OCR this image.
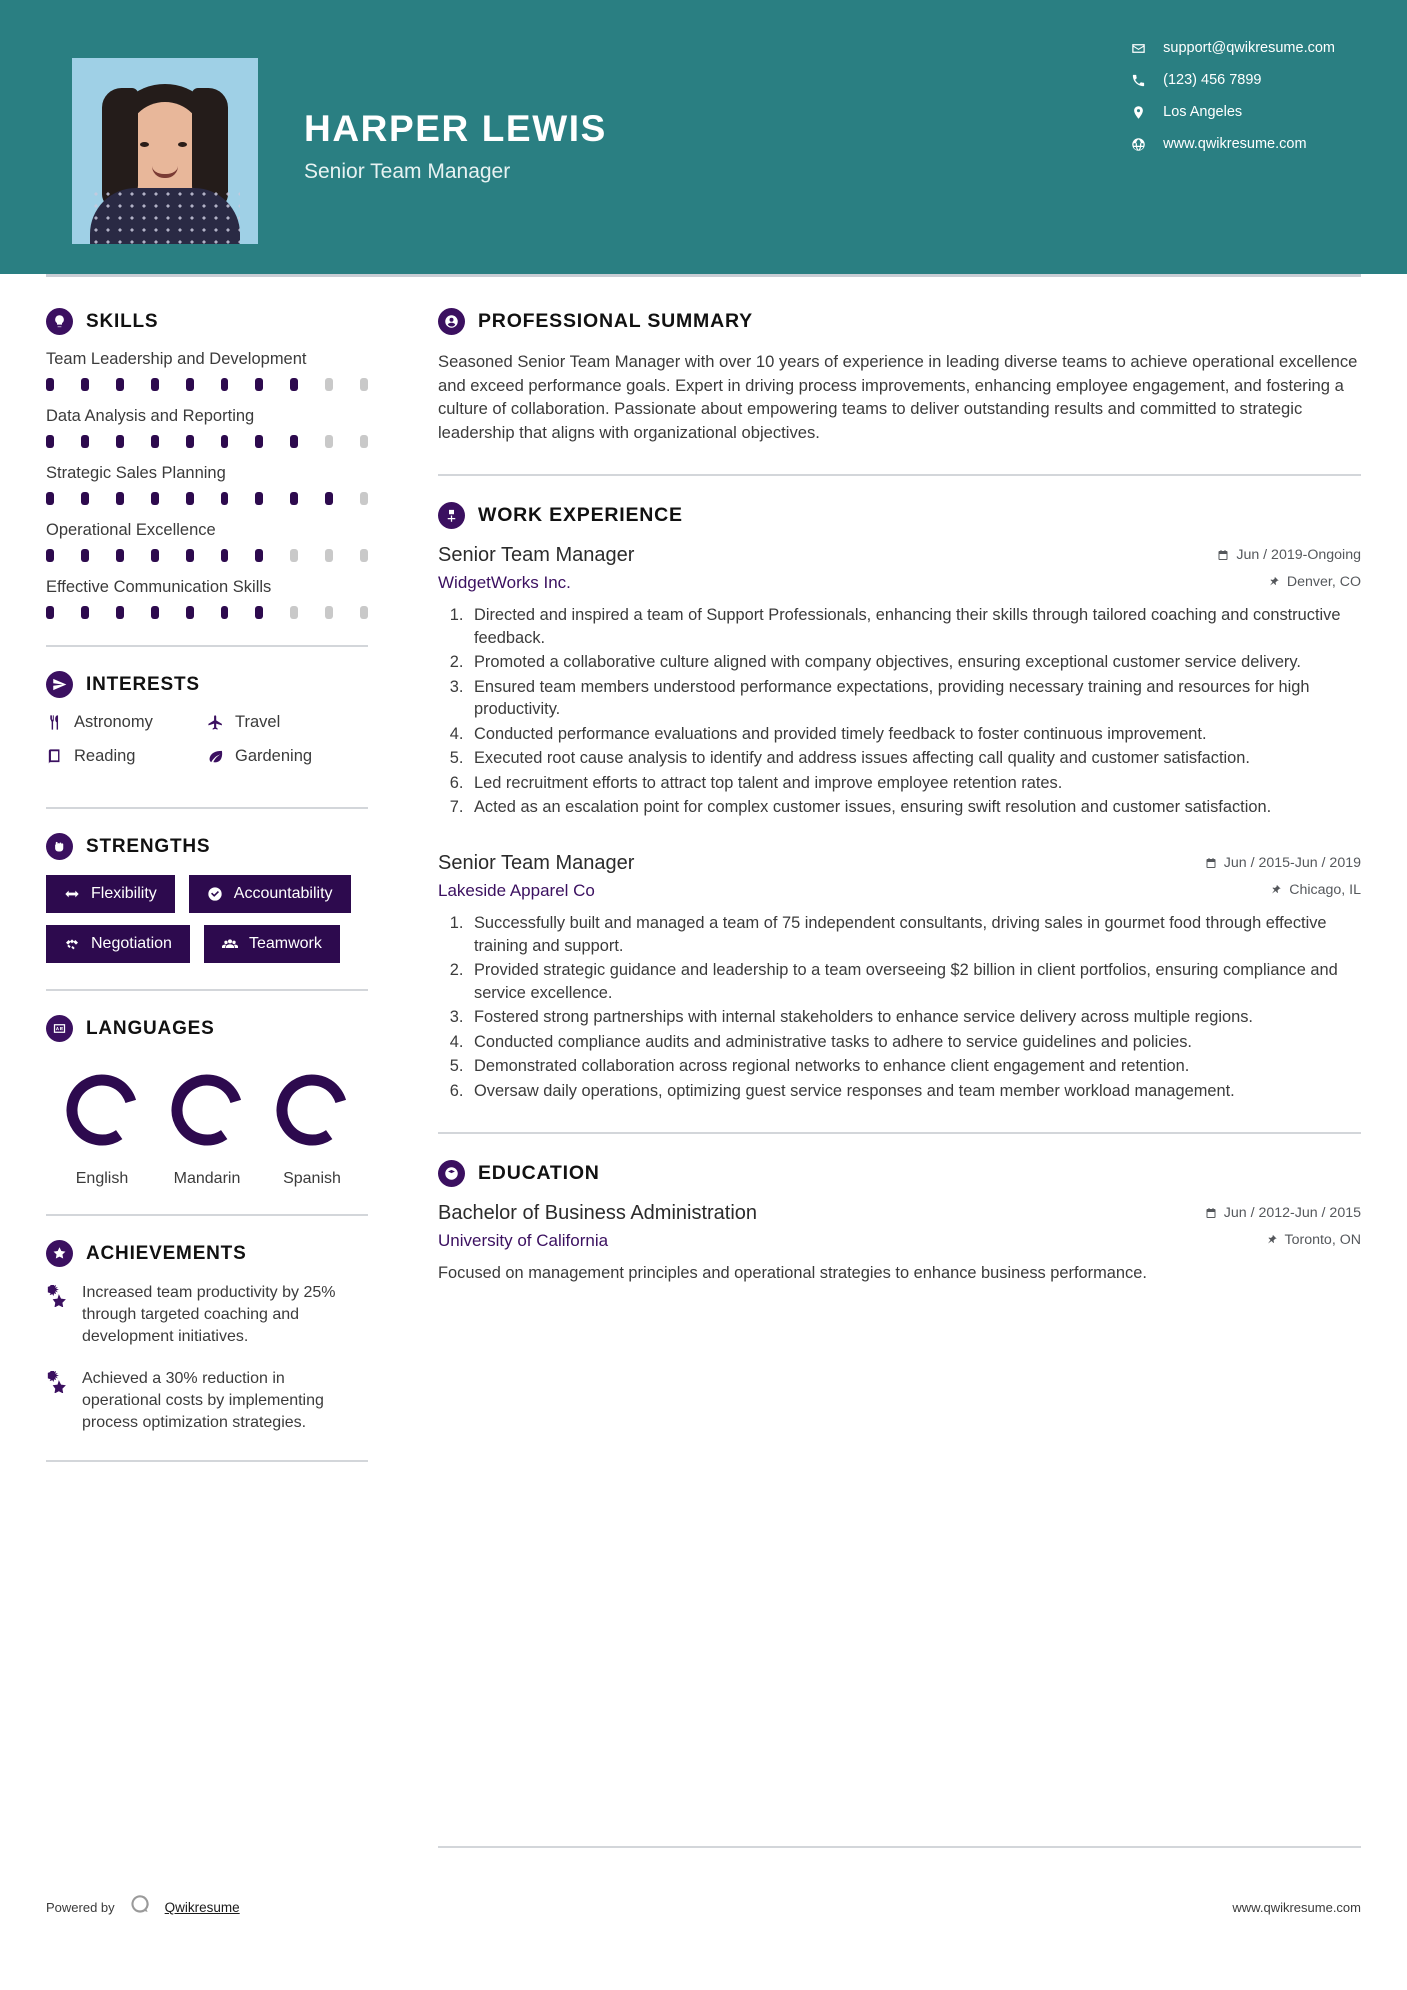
HARPER LEWIS
Senior Team Manager
support@qwikresume.com
(123) 456 7899
Los Angeles
www.qwikresume.com
SKILLS
Team Leadership and Development
Data Analysis and Reporting
Strategic Sales Planning
Operational Excellence
Effective Communication Skills
INTERESTS
Astronomy	Travel
Reading	Gardening
STRENGTHS
Flexibility	Accountability
Negotiation	Teamwork
LANGUAGES
English	Mandarin	Spanish
ACHIEVEMENTS
Increased team productivity by 25% through targeted coaching and development initiatives.
Achieved a 30% reduction in operational costs by implementing process optimization strategies.
PROFESSIONAL SUMMARY
Seasoned Senior Team Manager with over 10 years of experience in leading diverse teams to achieve operational excellence and exceed performance goals. Expert in driving process improvements, enhancing employee engagement, and fostering a culture of collaboration. Passionate about empowering teams to deliver outstanding results and committed to strategic leadership that aligns with organizational objectives.
WORK EXPERIENCE
Senior Team Manager	Jun / 2019-Ongoing
WidgetWorks Inc.	Denver, CO
1. Directed and inspired a team of Support Professionals, enhancing their skills through tailored coaching and constructive feedback.
2. Promoted a collaborative culture aligned with company objectives, ensuring exceptional customer service delivery.
3. Ensured team members understood performance expectations, providing necessary training and resources for high productivity.
4. Conducted performance evaluations and provided timely feedback to foster continuous improvement.
5. Executed root cause analysis to identify and address issues affecting call quality and customer satisfaction.
6. Led recruitment efforts to attract top talent and improve employee retention rates.
7. Acted as an escalation point for complex customer issues, ensuring swift resolution and customer satisfaction.
Senior Team Manager	Jun / 2015-Jun / 2019
Lakeside Apparel Co	Chicago, IL
1. Successfully built and managed a team of 75 independent consultants, driving sales in gourmet food through effective training and support.
2. Provided strategic guidance and leadership to a team overseeing $2 billion in client portfolios, ensuring compliance and service excellence.
3. Fostered strong partnerships with internal stakeholders to enhance service delivery across multiple regions.
4. Conducted compliance audits and administrative tasks to adhere to service guidelines and policies.
5. Demonstrated collaboration across regional networks to enhance client engagement and retention.
6. Oversaw daily operations, optimizing guest service responses and team member workload management.
EDUCATION
Bachelor of Business Administration	Jun / 2012-Jun / 2015
University of California	Toronto, ON
Focused on management principles and operational strategies to enhance business performance.
Powered by	Qwikresume	www.qwikresume.com
